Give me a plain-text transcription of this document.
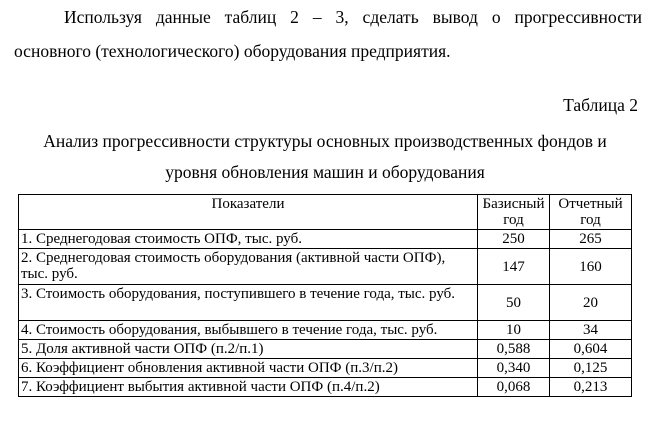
Используя данные таблиц 2 – 3, сделать вывод о прогрессивности
основного (технологического) оборудования предприятия.

Таблица 2

Анализ прогрессивности структуры основных производственных фондов и
уровня обновления машин и оборудования

Показатели	Базисный год	Отчетный год
1. Среднегодовая стоимость ОПФ, тыс. руб.	250	265
2. Среднегодовая стоимость оборудования (активной части ОПФ), тыс. руб.	147	160
3. Стоимость оборудования, поступившего в течение года, тыс. руб.	50	20
4. Стоимость оборудования, выбывшего в течение года, тыс. руб.	10	34
5. Доля активной части ОПФ (п.2/п.1)	0,588	0,604
6. Коэффициент обновления активной части ОПФ (п.3/п.2)	0,340	0,125
7. Коэффициент выбытия активной части ОПФ (п.4/п.2)	0,068	0,213
